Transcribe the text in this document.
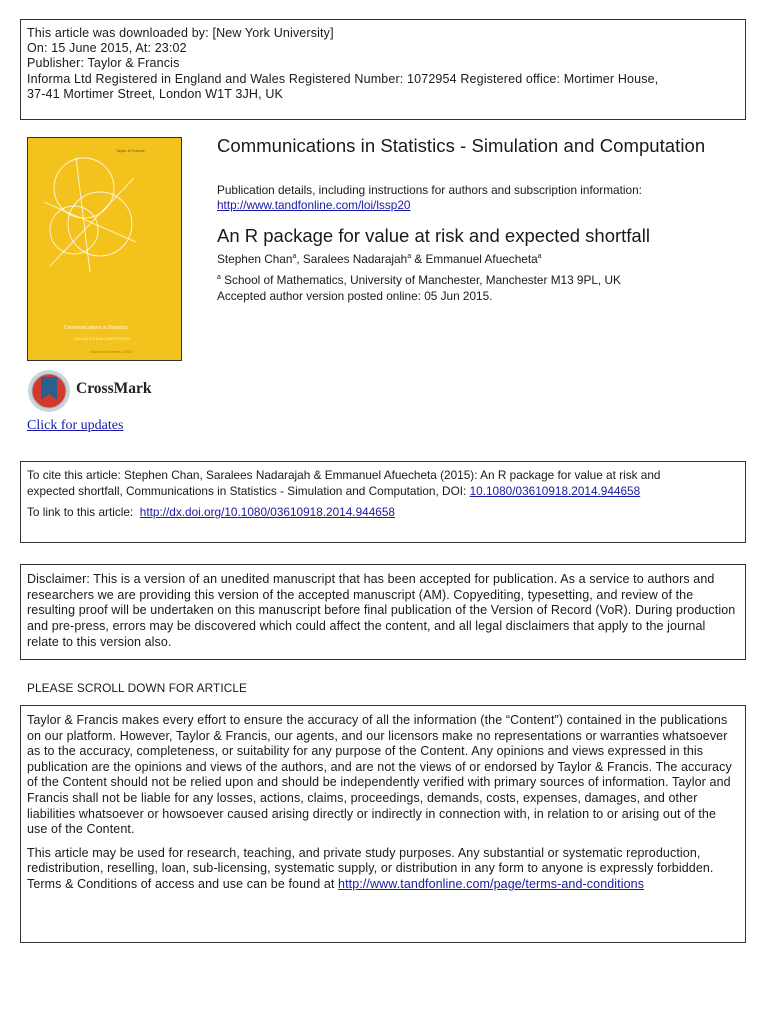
This article was downloaded by: [New York University]
On: 15 June 2015, At: 23:02
Publisher: Taylor & Francis
Informa Ltd Registered in England and Wales Registered Number: 1072954 Registered office: Mortimer House,
37-41 Mortimer Street, London W1T 3JH, UK
Taylor & Francis
Communications in Statistics
SIMULATION AND COMPUTATION
Volume 44 Number 4 2015
CrossMark
Click for updates
Communications in Statistics - Simulation and Computation
Publication details, including instructions for authors and subscription information:
http://www.tandfonline.com/loi/lssp20
An R package for value at risk and expected shortfall
Stephen Chan$^a$, Saralees Nadarajah$^a$ & Emmanuel Afuecheta$^a$
$^a$ School of Mathematics, University of Manchester, Manchester M13 9PL, UK
Accepted author version posted online: 05 Jun 2015.
To cite this article: Stephen Chan, Saralees Nadarajah & Emmanuel Afuecheta (2015): An R package for value at risk and
expected shortfall, Communications in Statistics - Simulation and Computation, DOI: 10.1080/03610918.2014.944658
To link to this article:  http://dx.doi.org/10.1080/03610918.2014.944658
Disclaimer: This is a version of an unedited manuscript that has been accepted for publication. As a service to authors and researchers we are providing this version of the accepted manuscript (AM). Copyediting, typesetting, and review of the resulting proof will be undertaken on this manuscript before final publication of the Version of Record (VoR). During production and pre-press, errors may be discovered which could affect the content, and all legal disclaimers that apply to the journal relate to this version also.
PLEASE SCROLL DOWN FOR ARTICLE

Taylor & Francis makes every effort to ensure the accuracy of all the information (the “Content”) contained in the publications on our platform. However, Taylor & Francis, our agents, and our licensors make no representations or warranties whatsoever as to the accuracy, completeness, or suitability for any purpose of the Content. Any opinions and views expressed in this publication are the opinions and views of the authors, and are not the views of or endorsed by Taylor & Francis. The accuracy of the Content should not be relied upon and should be independently verified with primary sources of information. Taylor and Francis shall not be liable for any losses, actions, claims, proceedings, demands, costs, expenses, damages, and other liabilities whatsoever or howsoever caused arising directly or indirectly in connection with, in relation to or arising out of the use of the Content.

This article may be used for research, teaching, and private study purposes. Any substantial or systematic reproduction, redistribution, reselling, loan, sub-licensing, systematic supply, or distribution in any form to anyone is expressly forbidden. Terms & Conditions of access and use can be found at http://www.tandfonline.com/page/terms-and-conditions
